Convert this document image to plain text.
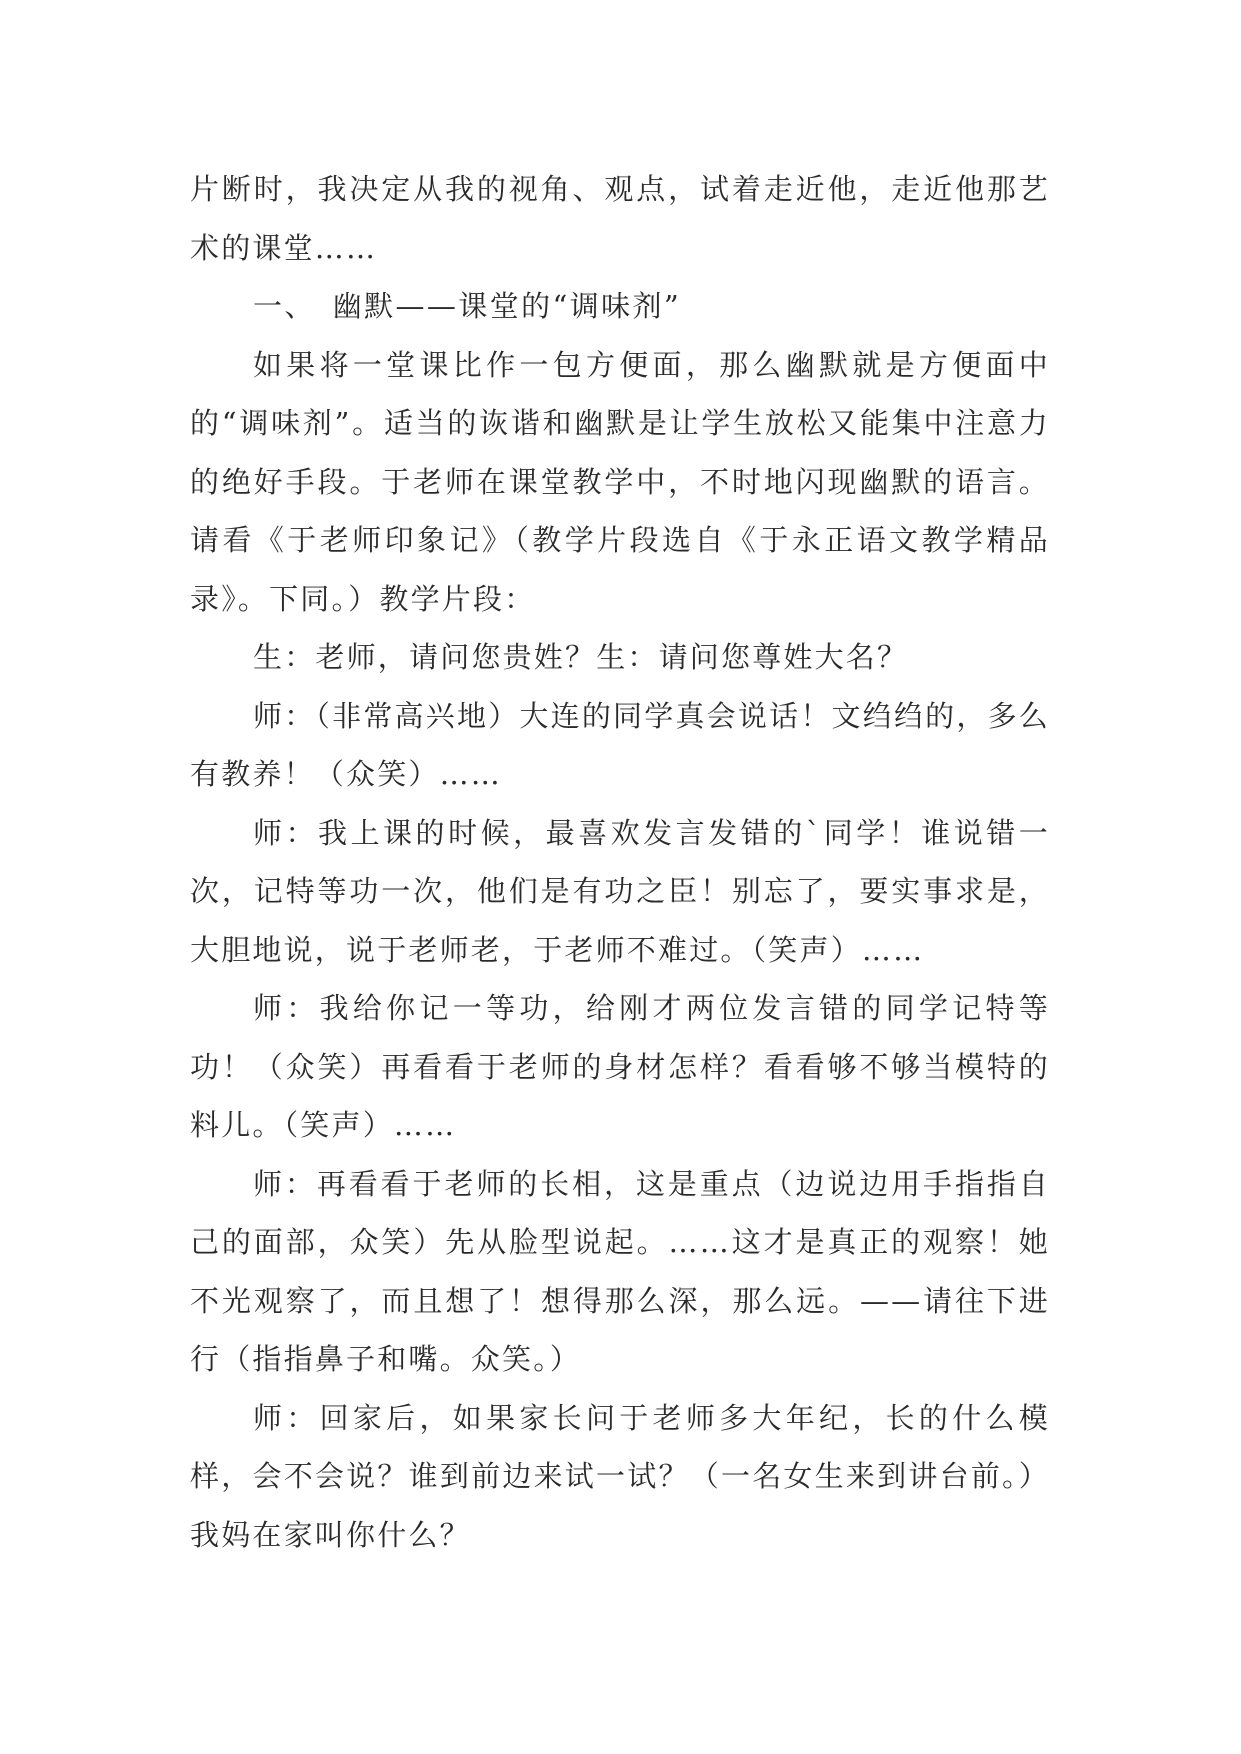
片断时，我决定从我的视角、观点，试着走近他，走近他那艺术的课堂……

一、　幽默——课堂的“调味剂”

如果将一堂课比作一包方便面，那么幽默就是方便面中的“调味剂”。适当的诙谐和幽默是让学生放松又能集中注意力的绝好手段。于老师在课堂教学中，不时地闪现幽默的语言。请看《于老师印象记》（教学片段选自《于永正语文教学精品录》。下同。）教学片段：

生：老师，请问您贵姓？生：请问您尊姓大名？

师：（非常高兴地）大连的同学真会说话！文绉绉的，多么有教养！（众笑）……

师：我上课的时候，最喜欢发言发错的`同学！谁说错一次，记特等功一次，他们是有功之臣！别忘了，要实事求是，大胆地说，说于老师老，于老师不难过。（笑声）……

师：我给你记一等功，给刚才两位发言错的同学记特等功！（众笑）再看看于老师的身材怎样？看看够不够当模特的料儿。（笑声）……

师：再看看于老师的长相，这是重点（边说边用手指指自己的面部，众笑）先从脸型说起。……这才是真正的观察！她不光观察了，而且想了！想得那么深，那么远。——请往下进行（指指鼻子和嘴。众笑。）

师：回家后，如果家长问于老师多大年纪，长的什么模样，会不会说？谁到前边来试一试？（一名女生来到讲台前。）我妈在家叫你什么？
